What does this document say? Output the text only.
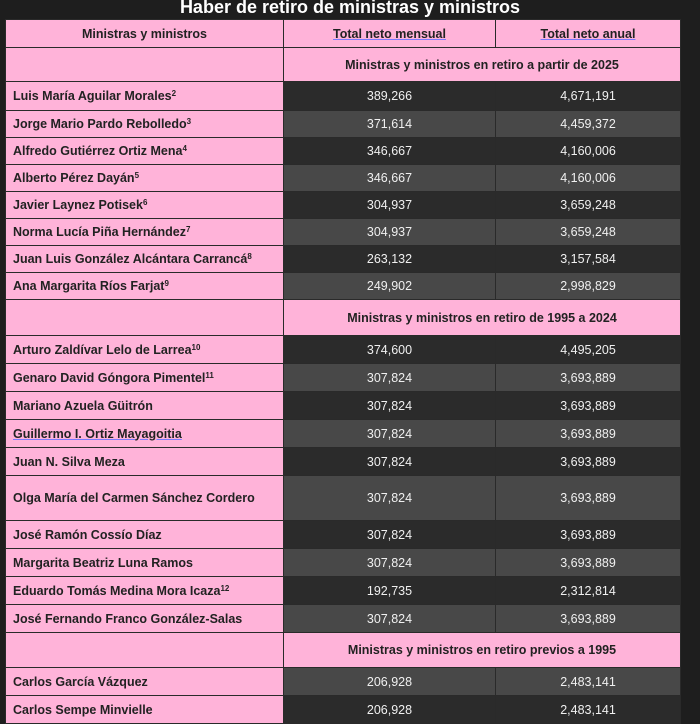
Haber de retiro de ministras y ministros
Ministras y ministros	Total neto mensual	Total neto anual
	Ministras y ministros en retiro a partir de 2025	
Luis María Aguilar Morales$^2$	389,266	4,671,191
Jorge Mario Pardo Rebolledo$^3$	371,614	4,459,372
Alfredo Gutiérrez Ortiz Mena$^4$	346,667	4,160,006
Alberto Pérez Dayán$^5$	346,667	4,160,006
Javier Laynez Potisek$^6$	304,937	3,659,248
Norma Lucía Piña Hernández$^7$	304,937	3,659,248
Juan Luis González Alcántara Carrancá$^8$	263,132	3,157,584
Ana Margarita Ríos Farjat$^9$	249,902	2,998,829
	Ministras y ministros en retiro de 1995 a 2024	
Arturo Zaldívar Lelo de Larrea$^{10}$	374,600	4,495,205
Genaro David Góngora Pimentel$^{11}$	307,824	3,693,889
Mariano Azuela Güitrón	307,824	3,693,889
Guillermo I. Ortiz Mayagoitia	307,824	3,693,889
Juan N. Silva Meza	307,824	3,693,889
Olga María del Carmen Sánchez Cordero	307,824	3,693,889
José Ramón Cossío Díaz	307,824	3,693,889
Margarita Beatriz Luna Ramos	307,824	3,693,889
Eduardo Tomás Medina Mora Icaza$^{12}$	192,735	2,312,814
José Fernando Franco González-Salas	307,824	3,693,889
	Ministras y ministros en retiro previos a 1995	
Carlos García Vázquez	206,928	2,483,141
Carlos Sempe Minvielle	206,928	2,483,141
